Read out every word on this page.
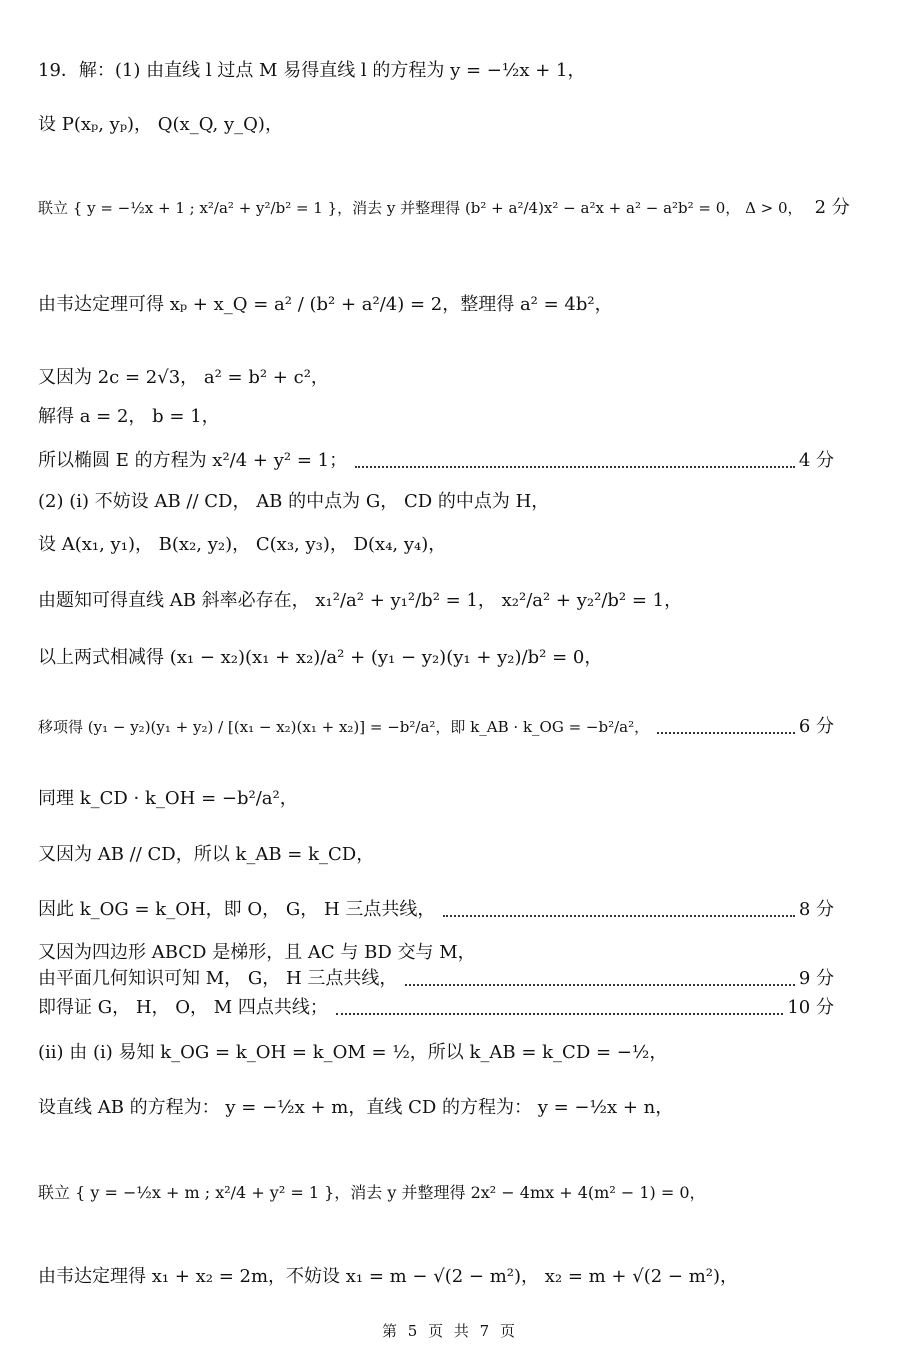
19．解：(1) 由直线 l 过点 M 易得直线 l 的方程为 y = −½x + 1，
设 P(xₚ, yₚ)， Q(x_Q, y_Q)，
联立 { y = −½x + 1 ; x²/a² + y²/b² = 1 }，消去 y 并整理得 (b² + a²/4)x² − a²x + a² − a²b² = 0， Δ > 0， 2 分
由韦达定理可得 xₚ + x_Q = a² / (b² + a²/4) = 2，整理得 a² = 4b²，
又因为 2c = 2√3， a² = b² + c²，
解得 a = 2， b = 1，
所以椭圆 E 的方程为 x²/4 + y² = 1；	4 分
(2) (i) 不妨设 AB // CD， AB 的中点为 G， CD 的中点为 H，
设 A(x₁, y₁)， B(x₂, y₂)， C(x₃, y₃)， D(x₄, y₄)，
由题知可得直线 AB 斜率必存在， x₁²/a² + y₁²/b² = 1， x₂²/a² + y₂²/b² = 1，
以上两式相减得 (x₁ − x₂)(x₁ + x₂)/a² + (y₁ − y₂)(y₁ + y₂)/b² = 0，
移项得 (y₁ − y₂)(y₁ + y₂) / [(x₁ − x₂)(x₁ + x₂)] = −b²/a²，即 k_AB · k_OG = −b²/a²，	6 分
同理 k_CD · k_OH = −b²/a²，
又因为 AB // CD，所以 k_AB = k_CD，
因此 k_OG = k_OH，即 O， G， H 三点共线，	8 分
又因为四边形 ABCD 是梯形，且 AC 与 BD 交与 M，
由平面几何知识可知 M， G， H 三点共线，	9 分
即得证 G， H， O， M 四点共线；	10 分
(ii) 由 (i) 易知 k_OG = k_OH = k_OM = ½，所以 k_AB = k_CD = −½，
设直线 AB 的方程为： y = −½x + m，直线 CD 的方程为： y = −½x + n，
联立 { y = −½x + m ; x²/4 + y² = 1 }，消去 y 并整理得 2x² − 4mx + 4(m² − 1) = 0，
由韦达定理得 x₁ + x₂ = 2m，不妨设 x₁ = m − √(2 − m²)， x₂ = m + √(2 − m²)，
第 5 页 共 7 页
